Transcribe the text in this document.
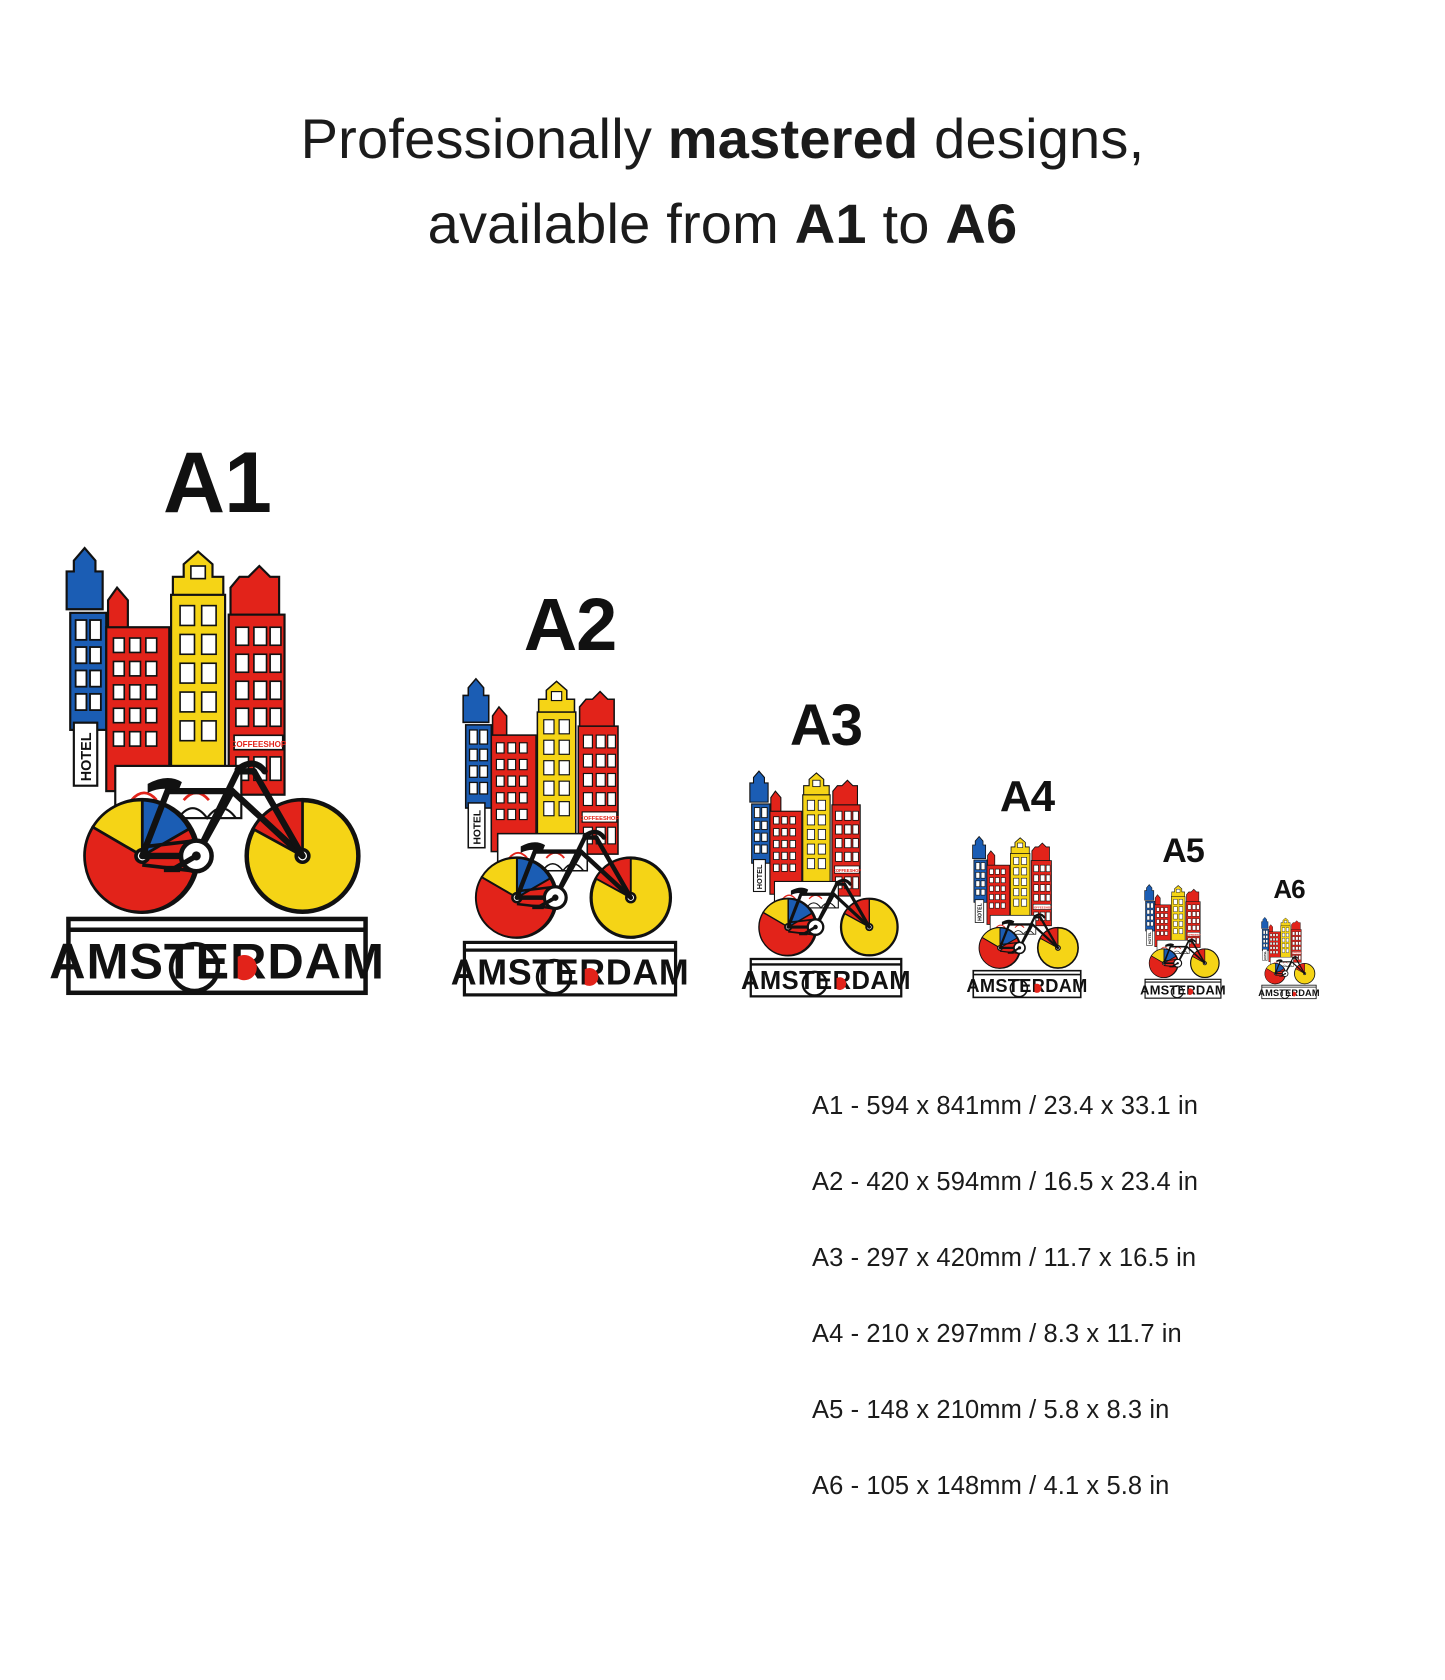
Professionally mastered designs,
available from A1 to A6
A1
A2
A3
A4
A5
A6
A1 - 594 x 841mm / 23.4 x 33.1 in
A2 - 420 x 594mm / 16.5 x 23.4 in
A3 - 297 x 420mm / 11.7 x 16.5 in
A4 - 210 x 297mm / 8.3 x 11.7 in
A5 - 148 x 210mm / 5.8 x 8.3 in
A6 - 105 x 148mm / 4.1 x 5.8 in
